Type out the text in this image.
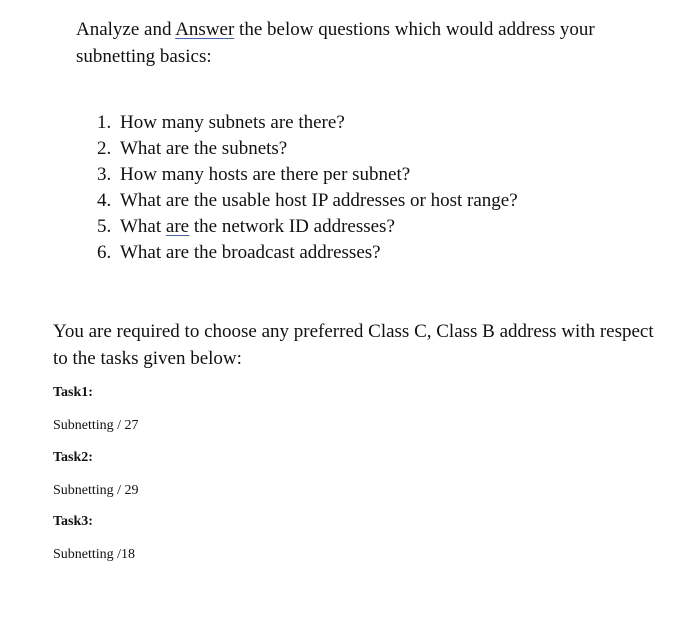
Analyze and Answer the below questions which would address your subnetting basics:

1. How many subnets are there?
2. What are the subnets?
3. How many hosts are there per subnet?
4. What are the usable host IP addresses or host range?
5. What are the network ID addresses?
6. What are the broadcast addresses?

You are required to choose any preferred Class C, Class B address with respect to the tasks given below:

Task1:

Subnetting / 27

Task2:

Subnetting / 29

Task3:

Subnetting /18
